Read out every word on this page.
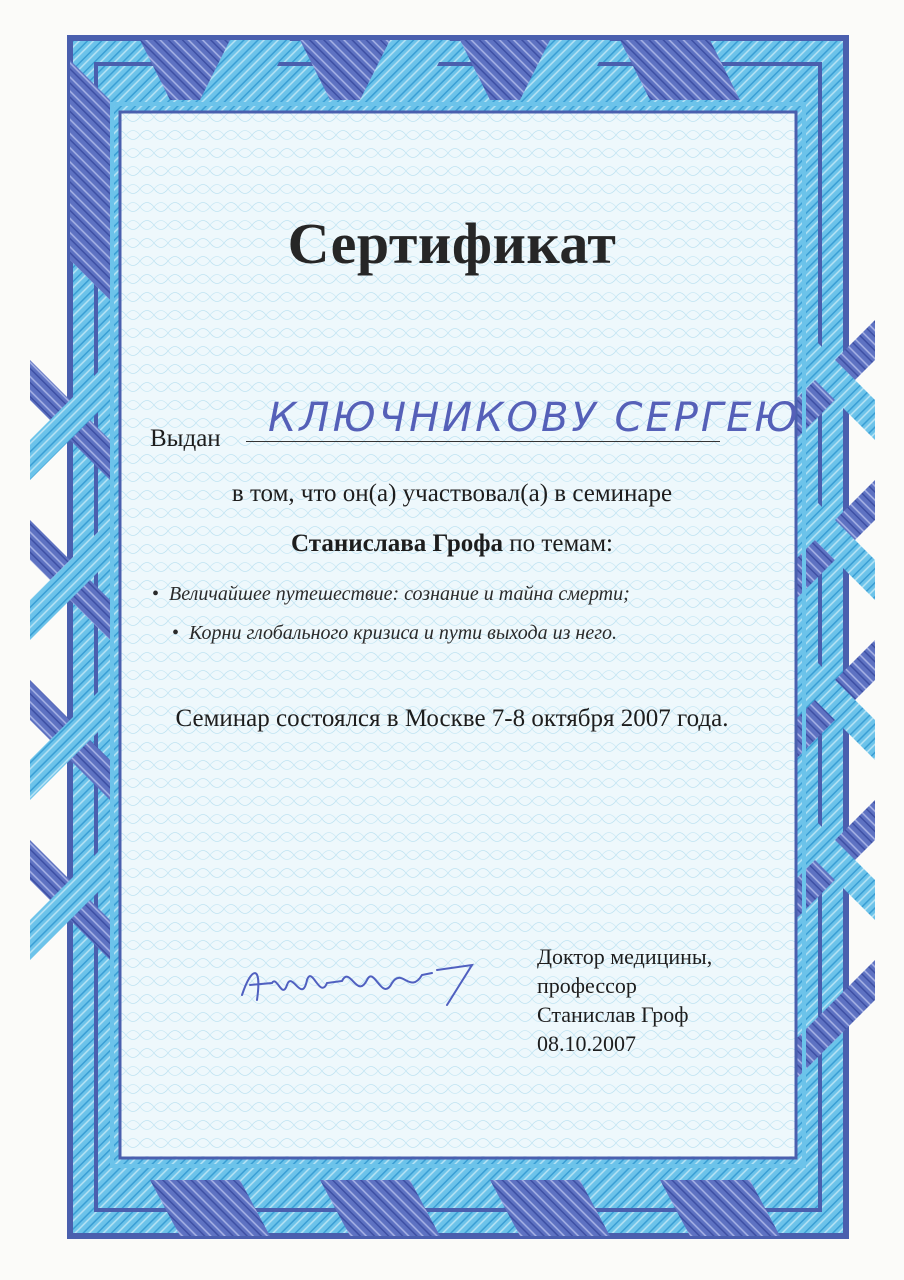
Сертификат
Выдан КЛЮЧНИКОВУ СЕРГЕЮ
в том, что он(а) участвовал(а) в семинаре
Станислава Грофа по темам:
• Величайшее путешествие: сознание и тайна смерти;
• Корни глобального кризиса и пути выхода из него.
Семинар состоялся в Москве 7-8 октября 2007 года.
Доктор медицины,
профессор
Станислав Гроф
08.10.2007
